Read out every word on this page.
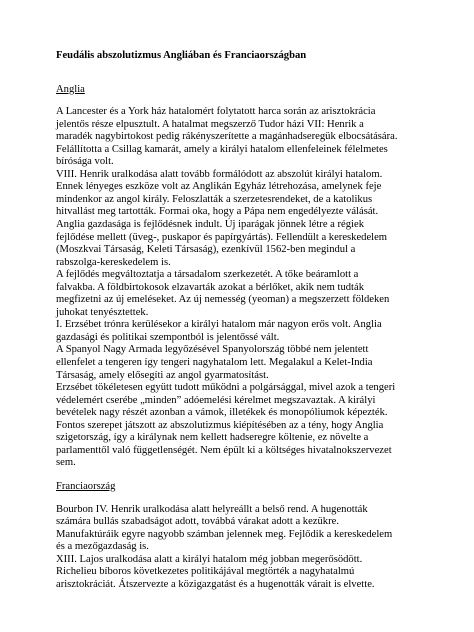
Feudális abszolutizmus Angliában és Franciaországban
Anglia
A Lancester és a York ház hatalomért folytatott harca során az arisztokrácia
jelentős része elpusztult. A hatalmat megszerző Tudor házi VII: Henrik a
maradék nagybirtokost pedig rákényszerítette a magánhadseregük elbocsátására.
Felállította a Csillag kamarát, amely a királyi hatalom ellenfeleinek félelmetes
bírósága volt.
VIII. Henrik uralkodása alatt tovább formálódott az abszolút királyi hatalom.
Ennek lényeges eszköze volt az Anglikán Egyház létrehozása, amelynek feje
mindenkor az angol király. Feloszlatták a szerzetesrendeket, de a katolikus
hitvallást meg tartották. Formai oka, hogy a Pápa nem engedélyezte válását.
Anglia gazdasága is fejlődésnek indult. Új iparágak jönnek létre a régiek
fejlődése mellett (üveg-, puskapor és papírgyártás). Fellendült a kereskedelem
(Moszkvai Társaság, Keleti Társaság), ezenkívül 1562-ben megindul a
rabszolga-kereskedelem is.
A fejlődés megváltoztatja a társadalom szerkezetét. A tőke beáramlott a
falvakba. A földbirtokosok elzavarták azokat a bérlőket, akik nem tudták
megfizetni az új emeléseket. Az új nemesség (yeoman) a megszerzett földeken
juhokat tenyésztettek.
I. Erzsébet trónra kerülésekor a királyi hatalom már nagyon erős volt. Anglia
gazdasági és politikai szempontból is jelentőssé vált.
A Spanyol Nagy Armada legyőzésével Spanyolország többé nem jelentett
ellenfelet a tengeren így tengeri nagyhatalom lett. Megalakul a Kelet-India
Társaság, amely elősegíti az angol gyarmatosítást.
Erzsébet tökéletesen együtt tudott működni a polgársággal, mivel azok a tengeri
védelemért cserébe „minden” adóemelési kérelmet megszavaztak. A királyi
bevételek nagy részét azonban a vámok, illetékek és monopóliumok képezték.
Fontos szerepet játszott az abszolutizmus kiépítésében az a tény, hogy Anglia
szigetország, így a királynak nem kellett hadseregre költenie, ez növelte a
parlamenttől való függetlenségét. Nem épült ki a költséges hivatalnokszervezet
sem.
Franciaország
Bourbon IV. Henrik uralkodása alatt helyreállt a belső rend. A hugenották
számára bullás szabadságot adott, továbbá várakat adott a kezükre.
Manufaktúráik egyre nagyobb számban jelennek meg. Fejlődik a kereskedelem
és a mezőgazdaság is.
XIII. Lajos uralkodása alatt a királyi hatalom még jobban megerősödött.
Richelieu bíboros következetes politikájával megtörték a nagyhatalmú
arisztokráciát. Átszervezte a közigazgatást és a hugenották várait is elvette.
